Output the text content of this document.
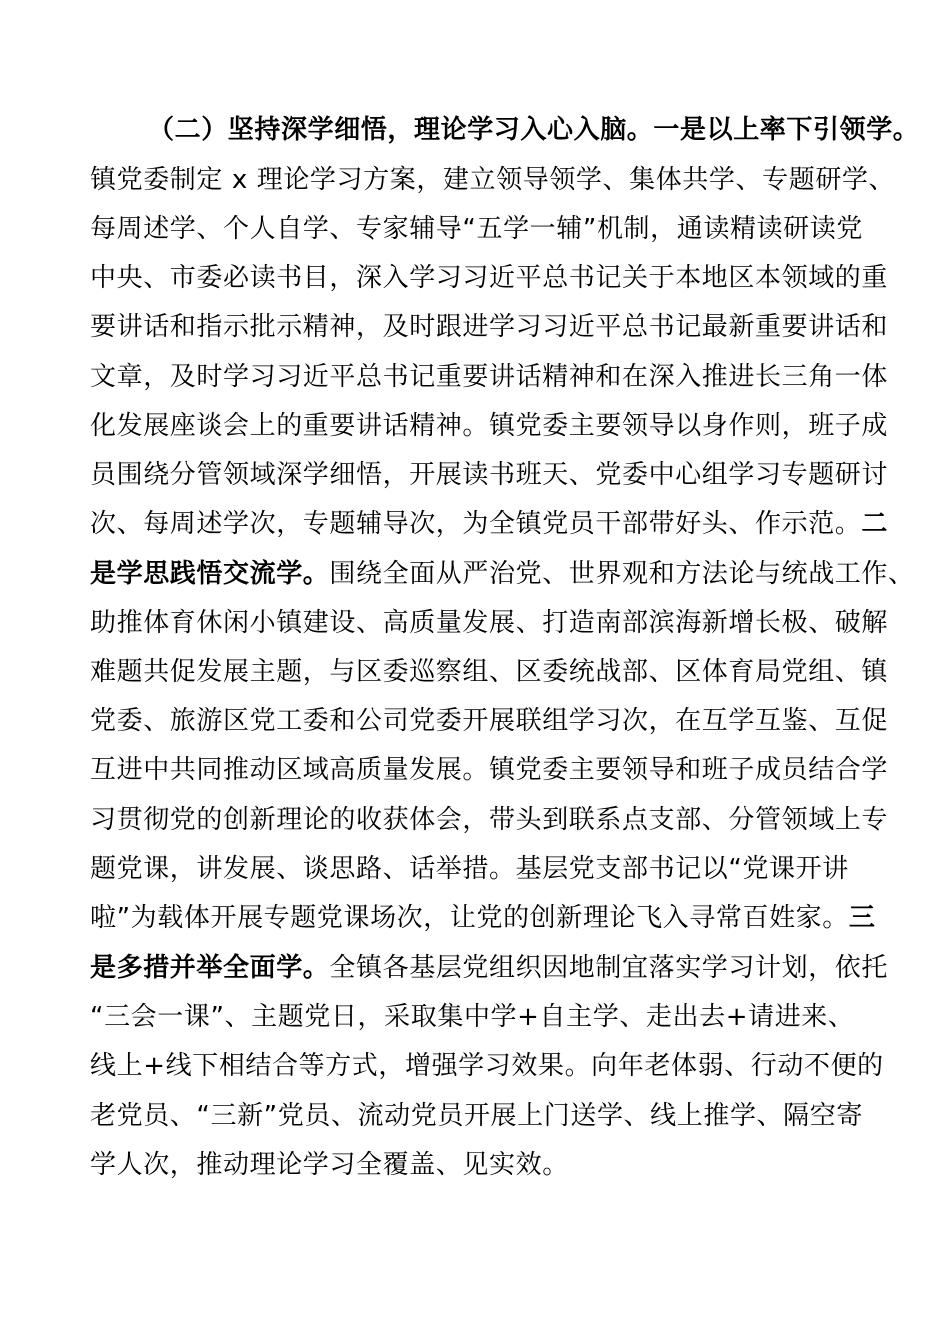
（二）坚持深学细悟，理论学习入心入脑。一是以上率下引领学。
镇党委制定 x 理论学习方案，建立领导领学、集体共学、专题研学、
每周述学、个人自学、专家辅导“五学一辅”机制，通读精读研读党
中央、市委必读书目，深入学习习近平总书记关于本地区本领域的重
要讲话和指示批示精神，及时跟进学习习近平总书记最新重要讲话和
文章，及时学习习近平总书记重要讲话精神和在深入推进长三角一体
化发展座谈会上的重要讲话精神。镇党委主要领导以身作则，班子成
员围绕分管领域深学细悟，开展读书班天、党委中心组学习专题研讨
次、每周述学次，专题辅导次，为全镇党员干部带好头、作示范。二
是学思践悟交流学。围绕全面从严治党、世界观和方法论与统战工作、
助推体育休闲小镇建设、高质量发展、打造南部滨海新增长极、破解
难题共促发展主题，与区委巡察组、区委统战部、区体育局党组、镇
党委、旅游区党工委和公司党委开展联组学习次，在互学互鉴、互促
互进中共同推动区域高质量发展。镇党委主要领导和班子成员结合学
习贯彻党的创新理论的收获体会，带头到联系点支部、分管领域上专
题党课，讲发展、谈思路、话举措。基层党支部书记以“党课开讲
啦”为载体开展专题党课场次，让党的创新理论飞入寻常百姓家。三
是多措并举全面学。全镇各基层党组织因地制宜落实学习计划，依托
“三会一课”、主题党日，采取集中学+自主学、走出去+请进来、
线上+线下相结合等方式，增强学习效果。向年老体弱、行动不便的
老党员、“三新”党员、流动党员开展上门送学、线上推学、隔空寄
学人次，推动理论学习全覆盖、见实效。
